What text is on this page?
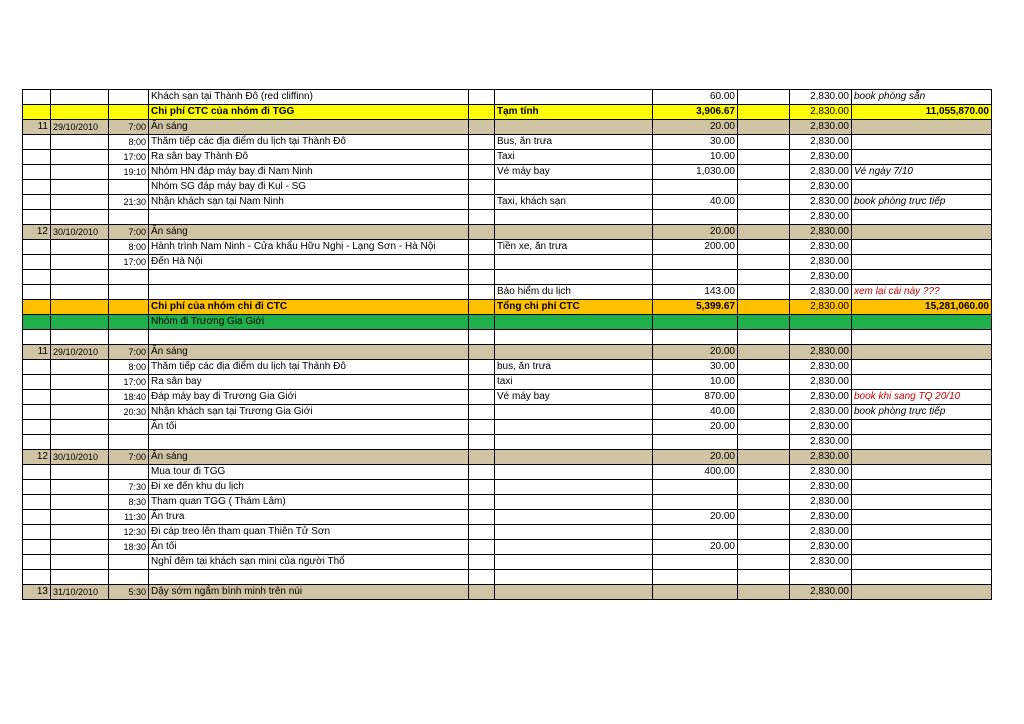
			Khách sạn tại Thành Đô (red cliffinn)			60.00		2,830.00	book phòng sẵn
			Chi phí CTC của nhóm đi TGG		Tạm tính	3,906.67		2,830.00	11,055,870.00
11	29/10/2010	7:00	Ăn sáng			20.00		2,830.00	
		8:00	Thăm tiếp các địa điểm du lịch tại Thành Đô		Bus, ăn trưa	30.00		2,830.00	
		17:00	Ra sân bay Thành Đô		Taxi	10.00		2,830.00	
		19:10	Nhóm HN đáp máy bay đi Nam Ninh		Vé máy bay	1,030.00		2,830.00	Vé ngày 7/10
			Nhóm SG đáp máy bay đi Kul - SG					2,830.00	
		21:30	Nhận khách sạn tại Nam Ninh		Taxi, khách sạn	40.00		2,830.00	book phòng trực tiếp
								2,830.00	
12	30/10/2010	7:00	Ăn sáng			20.00		2,830.00	
		8:00	Hành trình Nam Ninh - Cửa khẩu Hữu Nghị - Lạng Sơn - Hà Nội		Tiền xe, ăn trưa	200.00		2,830.00	
		17:00	Đến Hà Nội					2,830.00	
								2,830.00	
					Bảo hiểm du lịch	143.00		2,830.00	xem lại cái này ???
			Chi phí của nhóm chỉ đi CTC		Tổng chi phí CTC	5,399.67		2,830.00	15,281,060.00
			Nhóm đi Trương Gia Giới						

11	29/10/2010	7:00	Ăn sáng			20.00		2,830.00	
		8:00	Thăm tiếp các địa điểm du lịch tại Thành Đô		bus, ăn trưa	30.00		2,830.00	
		17:00	Ra sân bay		taxi	10.00		2,830.00	
		18:40	Đáp máy bay đi Trương Gia Giới		Vé máy bay	870.00		2,830.00	book khi sang TQ 20/10
		20:30	Nhận khách sạn tại Trương Gia Giới			40.00		2,830.00	book phòng trực tiếp
			Ăn tối			20.00		2,830.00	
								2,830.00	
12	30/10/2010	7:00	Ăn sáng			20.00		2,830.00	
			Mua tour đi TGG			400.00		2,830.00	
		7:30	Đi xe đến khu du lịch					2,830.00	
		8:30	Tham quan TGG ( Thám Lâm)					2,830.00	
		11:30	Ăn trưa			20.00		2,830.00	
		12:30	Đi cáp treo lên tham quan Thiên Tử Sơn					2,830.00	
		18:30	Ăn tối			20.00		2,830.00	
			Nghỉ đêm tại khách sạn mini của người Thổ					2,830.00	

13	31/10/2010	5:30	Dậy sớm ngắm bình minh trên núi					2,830.00	
